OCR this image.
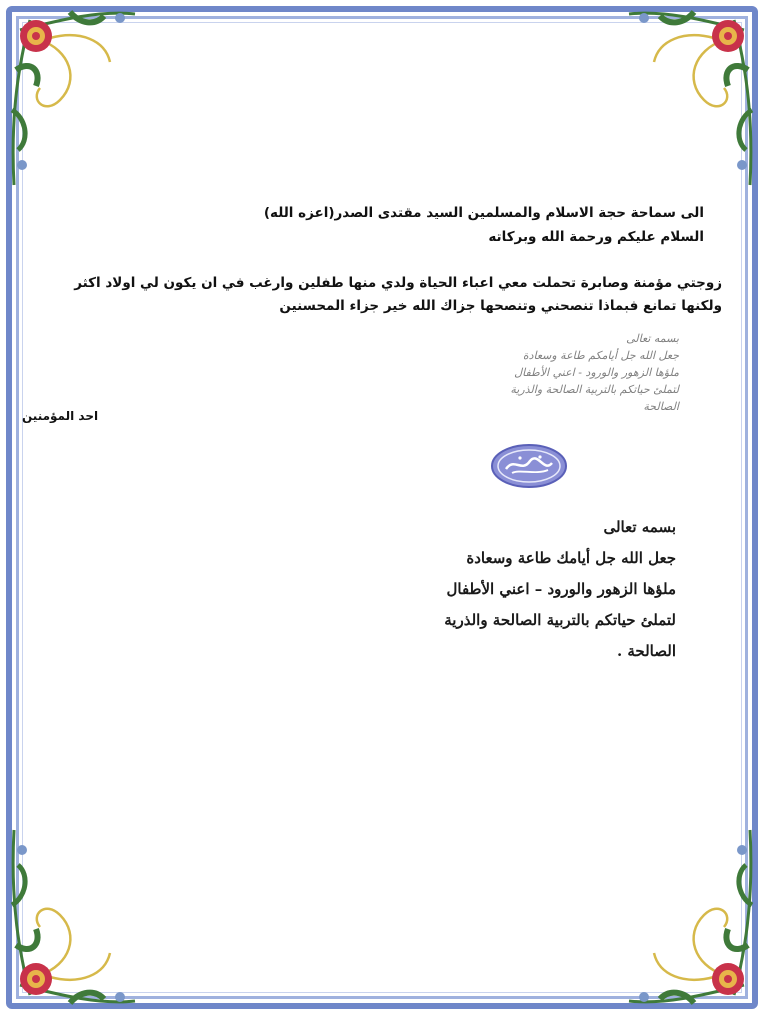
الى سماحة حجة الاسلام والمسلمين السيد مقتدى الصدر(اعزه الله)
السلام عليكم ورحمة الله وبركاته
زوجتي مؤمنة وصابرة تحملت معي اعباء الحياة ولدي منها طفلين وارغب في ان يكون لي اولاد اكثر
ولكنها تمانع فبماذا تنصحني وتنصحها جزاك الله خير جزاء المحسنين
بسمه تعالى
جعل الله جل أيامكم طاعة وسعادة
ملؤها الزهور والورود - اعني الأطفال
لتملئ حياتكم بالتربية الصالحة والذرية
الصالحة
احد المؤمنين
بسمه تعالى
جعل الله جل أيامك طاعة وسعادة
ملؤها الزهور والورود – اعني الأطفال
لتملئ حياتكم بالتربية الصالحة والذرية
الصالحة .
